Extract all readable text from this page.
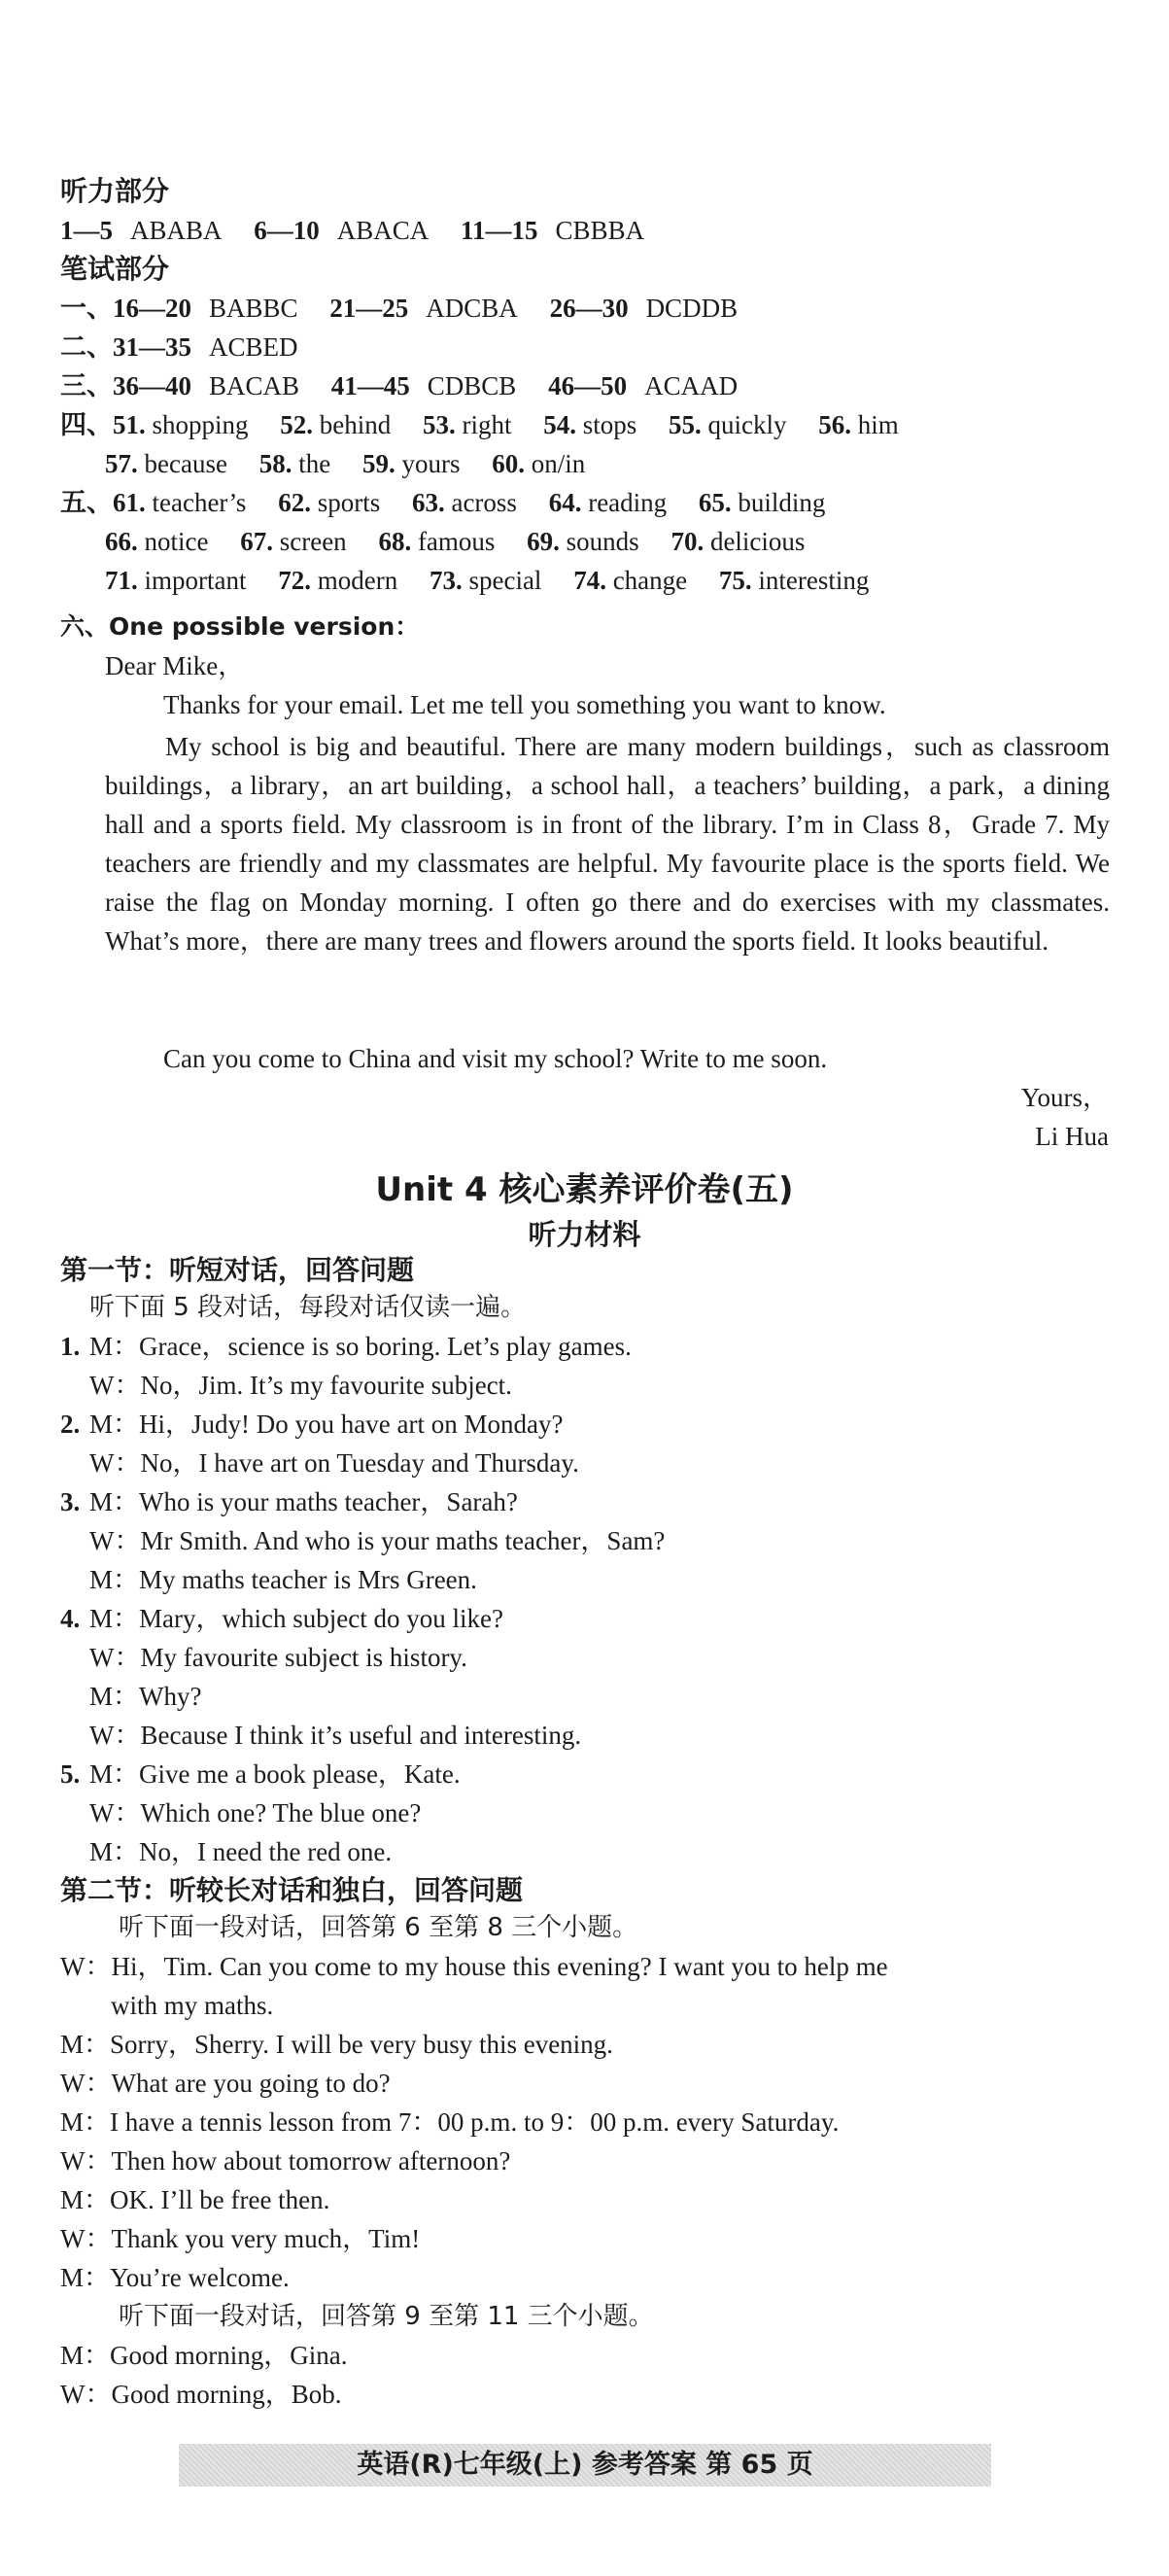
听力部分
1—5 ABABA 6—10 ABACA 11—15 CBBBA
笔试部分
一、16—20 BABBC 21—25 ADCBA 26—30 DCDDB
二、31—35 ACBED
三、36—40 BACAB 41—45 CDBCB 46—50 ACAAD
四、51. shopping 52. behind 53. right 54. stops 55. quickly 56. him
57. because 58. the 59. yours 60. on/in
五、61. teacher’s 62. sports 63. across 64. reading 65. building
66. notice 67. screen 68. famous 69. sounds 70. delicious
71. important 72. modern 73. special 74. change 75. interesting
六、One possible version：
Dear Mike，
Thanks for your email. Let me tell you something you want to know.
My school is big and beautiful. There are many modern buildings，such as classroom buildings，a library，an art building，a school hall，a teachers’ building，a park，a dining hall and a sports field. My classroom is in front of the library. I’m in Class 8，Grade 7. My teachers are friendly and my classmates are helpful. My favourite place is the sports field. We raise the flag on Monday morning. I often go there and do exercises with my classmates. What’s more，there are many trees and flowers around the sports field. It looks beautiful.
Can you come to China and visit my school? Write to me soon.
Yours，
Li Hua
Unit 4 核心素养评价卷(五)
听力材料
第一节：听短对话，回答问题
听下面 5 段对话，每段对话仅读一遍。
1. M：Grace，science is so boring. Let’s play games.
W：No，Jim. It’s my favourite subject.
2. M：Hi，Judy! Do you have art on Monday?
W：No，I have art on Tuesday and Thursday.
3. M：Who is your maths teacher，Sarah?
W：Mr Smith. And who is your maths teacher，Sam?
M：My maths teacher is Mrs Green.
4. M：Mary，which subject do you like?
W：My favourite subject is history.
M：Why?
W：Because I think it’s useful and interesting.
5. M：Give me a book please，Kate.
W：Which one? The blue one?
M：No，I need the red one.
第二节：听较长对话和独白，回答问题
听下面一段对话，回答第 6 至第 8 三个小题。
W：Hi，Tim. Can you come to my house this evening? I want you to help me
with my maths.
M：Sorry，Sherry. I will be very busy this evening.
W：What are you going to do?
M：I have a tennis lesson from 7：00 p.m. to 9：00 p.m. every Saturday.
W：Then how about tomorrow afternoon?
M：OK. I’ll be free then.
W：Thank you very much，Tim!
M：You’re welcome.
听下面一段对话，回答第 9 至第 11 三个小题。
M：Good morning，Gina.
W：Good morning，Bob.
英语(R)七年级(上) 参考答案 第 65 页
